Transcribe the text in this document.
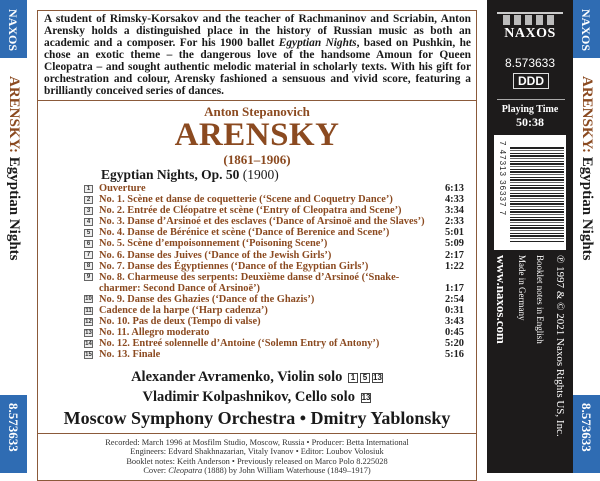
NAXOS
ARENSKY: Egyptian Nights
8.573633

A student of Rimsky-Korsakov and the teacher of Rachmaninov and Scriabin, Anton Arensky holds a distinguished place in the history of Russian music as both an academic and a composer. For his 1900 ballet Egyptian Nights, based on Pushkin, he chose an exotic theme – the dangerous love of the handsome Amoun for Queen Cleopatra – and sought authentic melodic material in scholarly texts. With his gift for orchestration and colour, Arensky fashioned a sensuous and vivid score, featuring a brilliantly conceived series of dances.

Anton Stepanovich
ARENSKY
(1861–1906)
Egyptian Nights, Op. 50 (1900)
1 Ouverture	6:13
2 No. 1. Scène et danse de coquetterie (‘Scene and Coquetry Dance’)	4:33
3 No. 2. Entrée de Cléopatre et scène (‘Entry of Cleopatra and Scene’)	3:34
4 No. 3. Danse d’Arsinoé et des esclaves (‘Dance of Arsinoë and the Slaves’)	2:33
5 No. 4. Danse de Bérénice et scène (‘Dance of Berenice and Scene’)	5:01
6 No. 5. Scène d’empoisonnement (‘Poisoning Scene’)	5:09
7 No. 6. Danse des Juives (‘Dance of the Jewish Girls’)	2:17
8 No. 7. Danse des Égyptiennes (‘Dance of the Egyptian Girls’)	1:22
9 No. 8. Charmeuse des serpents: Deuxième danse d’Arsinoé (‘Snake-charmer: Second Dance of Arsinoë’)	1:17
10 No. 9. Danse des Ghazies (‘Dance of the Ghazis’)	2:54
11 Cadence de la harpe (‘Harp cadenza’)	0:31
12 No. 10. Pas de deux (Tempo di valse)	3:43
13 No. 11. Allegro moderato	0:45
14 No. 12. Entreé solennelle d’Antoine (‘Solemn Entry of Antony’)	5:20
15 No. 13. Finale	5:16
Alexander Avramenko, Violin solo 1 5 13
Vladimir Kolpashnikov, Cello solo 13
Moscow Symphony Orchestra • Dmitry Yablonsky
Recorded: March 1996 at Mosfilm Studio, Moscow, Russia • Producer: Betta International
Engineers: Edvard Shakhnazarian, Vitaly Ivanov • Editor: Loubov Volosiuk
Booklet notes: Keith Anderson • Previously released on Marco Polo 8.225028
Cover: Cleopatra (1888) by John William Waterhouse (1849–1917)
NAXOS
8.573633
DDD
Playing Time
50:38
7 47313 36337 7
www.naxos.com Made in Germany Booklet notes in English ℗ 1997 & © 2021 Naxos Rights US, Inc.
NAXOS
ARENSKY: Egyptian Nights
8.573633
